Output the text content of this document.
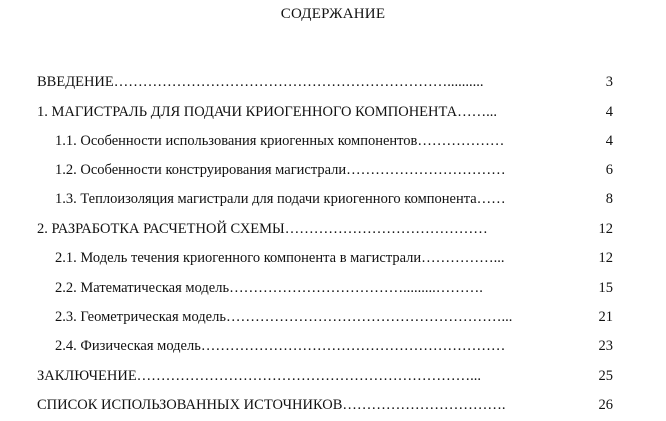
СОДЕРЖАНИЕ
ВВЕДЕНИЕ……………………………………………………………..........	3
1. МАГИСТРАЛЬ ДЛЯ ПОДАЧИ КРИОГЕННОГО КОМПОНЕНТА……...	4
1.1. Особенности использования криогенных компонентов………………	4
1.2. Особенности конструирования магистрали……………………………	6
1.3. Теплоизоляция магистрали для подачи криогенного компонента……	8
2. РАЗРАБОТКА РАСЧЕТНОЙ СХЕМЫ……………………………………	12
2.1. Модель течения криогенного компонента в магистрали……………...	12
2.2. Математическая модель……………………………….........……….	15
2.3. Геометрическая модель…………………………………………………...	21
2.4. Физическая модель………………………………………………………	23
ЗАКЛЮЧЕНИЕ……………………………………………………………...	25
СПИСОК ИСПОЛЬЗОВАННЫХ ИСТОЧНИКОВ…………………………….	26
